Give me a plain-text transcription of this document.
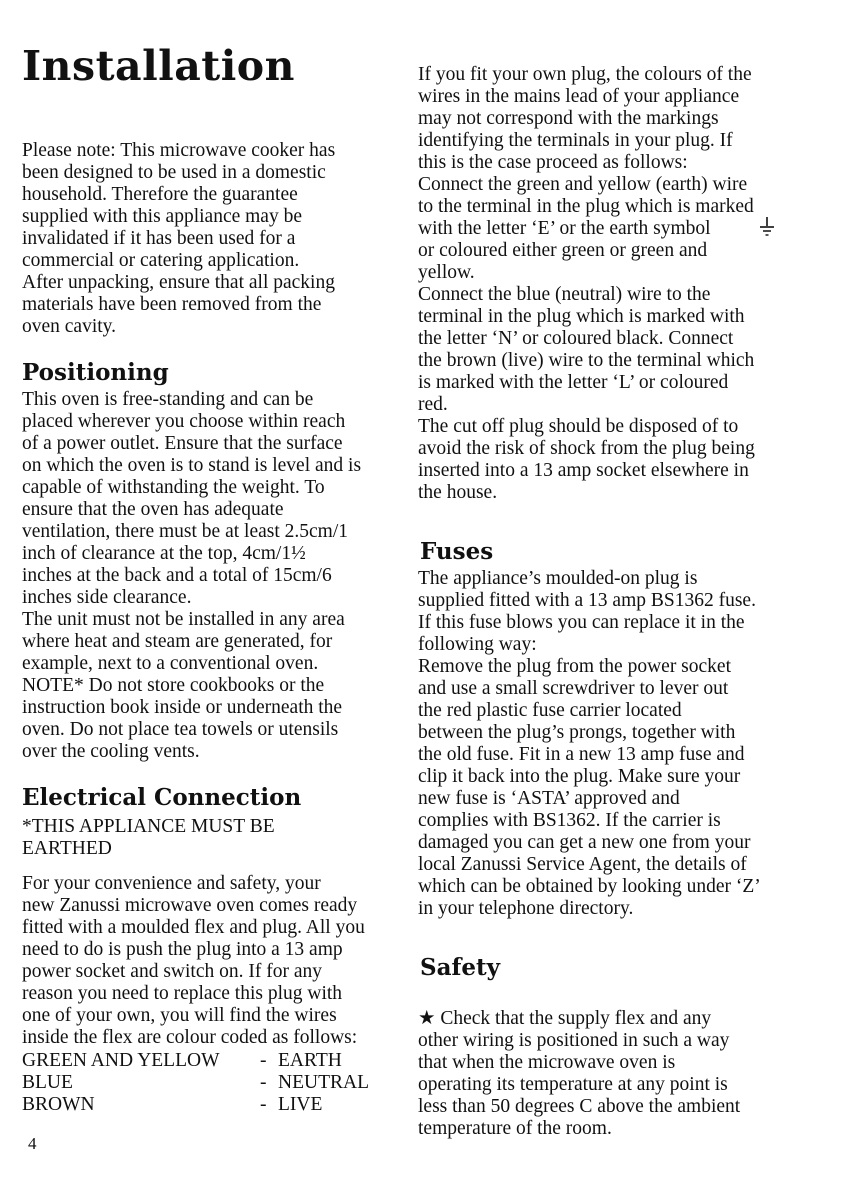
Installation

Please note: This microwave cooker has
been designed to be used in a domestic
household. Therefore the guarantee
supplied with this appliance may be
invalidated if it has been used for a
commercial or catering application.
After unpacking, ensure that all packing
materials have been removed from the
oven cavity.

Positioning

This oven is free-standing and can be
placed wherever you choose within reach
of a power outlet. Ensure that the surface
on which the oven is to stand is level and is
capable of withstanding the weight. To
ensure that the oven has adequate
ventilation, there must be at least 2.5cm/1
inch of clearance at the top, 4cm/1½
inches at the back and a total of 15cm/6
inches side clearance.
The unit must not be installed in any area
where heat and steam are generated, for
example, next to a conventional oven.
NOTE* Do not store cookbooks or the
instruction book inside or underneath the
oven. Do not place tea towels or utensils
over the cooling vents.

Electrical Connection

*THIS APPLIANCE MUST BE
EARTHED

For your convenience and safety, your
new Zanussi microwave oven comes ready
fitted with a moulded flex and plug. All you
need to do is push the plug into a 13 amp
power socket and switch on. If for any
reason you need to replace this plug with
one of your own, you will find the wires
inside the flex are colour coded as follows:

GREEN AND YELLOW	-	EARTH
BLUE	-	NEUTRAL
BROWN	-	LIVE
4

If you fit your own plug, the colours of the
wires in the mains lead of your appliance
may not correspond with the markings
identifying the terminals in your plug. If
this is the case proceed as follows:
Connect the green and yellow (earth) wire
to the terminal in the plug which is marked
with the letter ‘E’ or the earth symbol

or coloured either green or green and
yellow.
Connect the blue (neutral) wire to the
terminal in the plug which is marked with
the letter ‘N’ or coloured black. Connect
the brown (live) wire to the terminal which
is marked with the letter ‘L’ or coloured
red.
The cut off plug should be disposed of to
avoid the risk of shock from the plug being
inserted into a 13 amp socket elsewhere in
the house.

Fuses

The appliance’s moulded-on plug is
supplied fitted with a 13 amp BS1362 fuse.
If this fuse blows you can replace it in the
following way:
Remove the plug from the power socket
and use a small screwdriver to lever out
the red plastic fuse carrier located
between the plug’s prongs, together with
the old fuse. Fit in a new 13 amp fuse and
clip it back into the plug. Make sure your
new fuse is ‘ASTA’ approved and
complies with BS1362. If the carrier is
damaged you can get a new one from your
local Zanussi Service Agent, the details of
which can be obtained by looking under ‘Z’
in your telephone directory.

Safety

★ Check that the supply flex and any
other wiring is positioned in such a way
that when the microwave oven is
operating its temperature at any point is
less than 50 degrees C above the ambient
temperature of the room.
